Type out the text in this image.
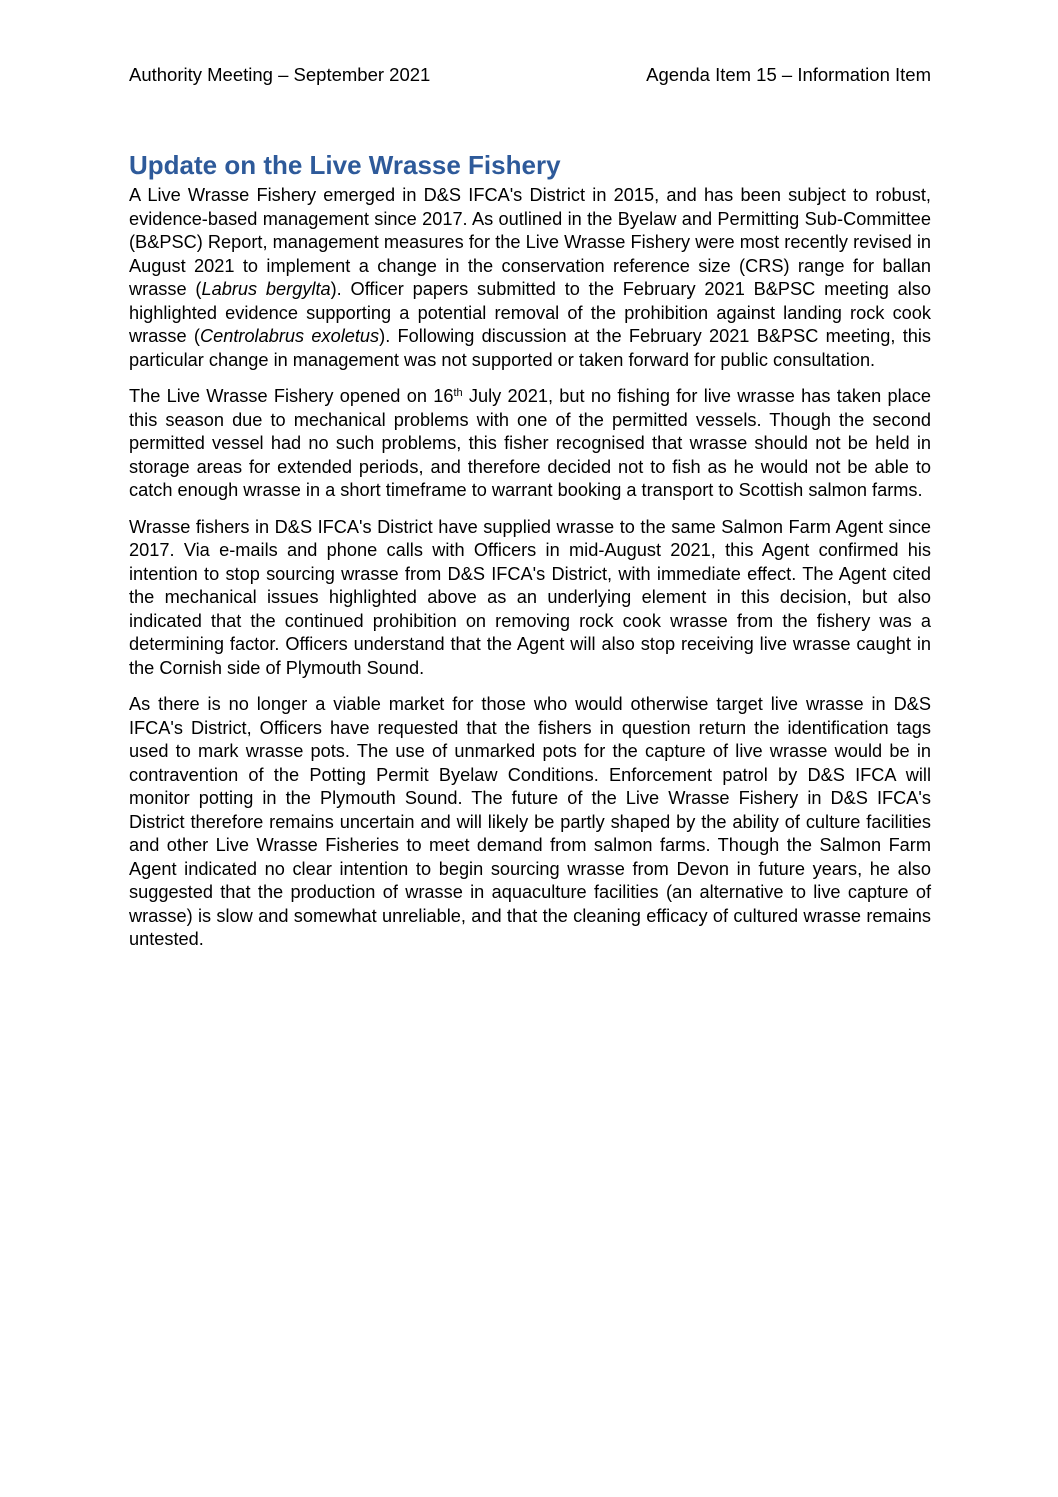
Authority Meeting – September 2021	Agenda Item 15 – Information Item
Update on the Live Wrasse Fishery

A Live Wrasse Fishery emerged in D&S IFCA's District in 2015, and has been subject to robust, evidence-based management since 2017. As outlined in the Byelaw and Permitting Sub-Committee (B&PSC) Report, management measures for the Live Wrasse Fishery were most recently revised in August 2021 to implement a change in the conservation reference size (CRS) range for ballan wrasse (Labrus bergylta). Officer papers submitted to the February 2021 B&PSC meeting also highlighted evidence supporting a potential removal of the prohibition against landing rock cook wrasse (Centrolabrus exoletus). Following discussion at the February 2021 B&PSC meeting, this particular change in management was not supported or taken forward for public consultation.

The Live Wrasse Fishery opened on 16th July 2021, but no fishing for live wrasse has taken place this season due to mechanical problems with one of the permitted vessels. Though the second permitted vessel had no such problems, this fisher recognised that wrasse should not be held in storage areas for extended periods, and therefore decided not to fish as he would not be able to catch enough wrasse in a short timeframe to warrant booking a transport to Scottish salmon farms.

Wrasse fishers in D&S IFCA's District have supplied wrasse to the same Salmon Farm Agent since 2017. Via e-mails and phone calls with Officers in mid-August 2021, this Agent confirmed his intention to stop sourcing wrasse from D&S IFCA's District, with immediate effect. The Agent cited the mechanical issues highlighted above as an underlying element in this decision, but also indicated that the continued prohibition on removing rock cook wrasse from the fishery was a determining factor. Officers understand that the Agent will also stop receiving live wrasse caught in the Cornish side of Plymouth Sound.

As there is no longer a viable market for those who would otherwise target live wrasse in D&S IFCA's District, Officers have requested that the fishers in question return the identification tags used to mark wrasse pots. The use of unmarked pots for the capture of live wrasse would be in contravention of the Potting Permit Byelaw Conditions. Enforcement patrol by D&S IFCA will monitor potting in the Plymouth Sound. The future of the Live Wrasse Fishery in D&S IFCA's District therefore remains uncertain and will likely be partly shaped by the ability of culture facilities and other Live Wrasse Fisheries to meet demand from salmon farms. Though the Salmon Farm Agent indicated no clear intention to begin sourcing wrasse from Devon in future years, he also suggested that the production of wrasse in aquaculture facilities (an alternative to live capture of wrasse) is slow and somewhat unreliable, and that the cleaning efficacy of cultured wrasse remains untested.
